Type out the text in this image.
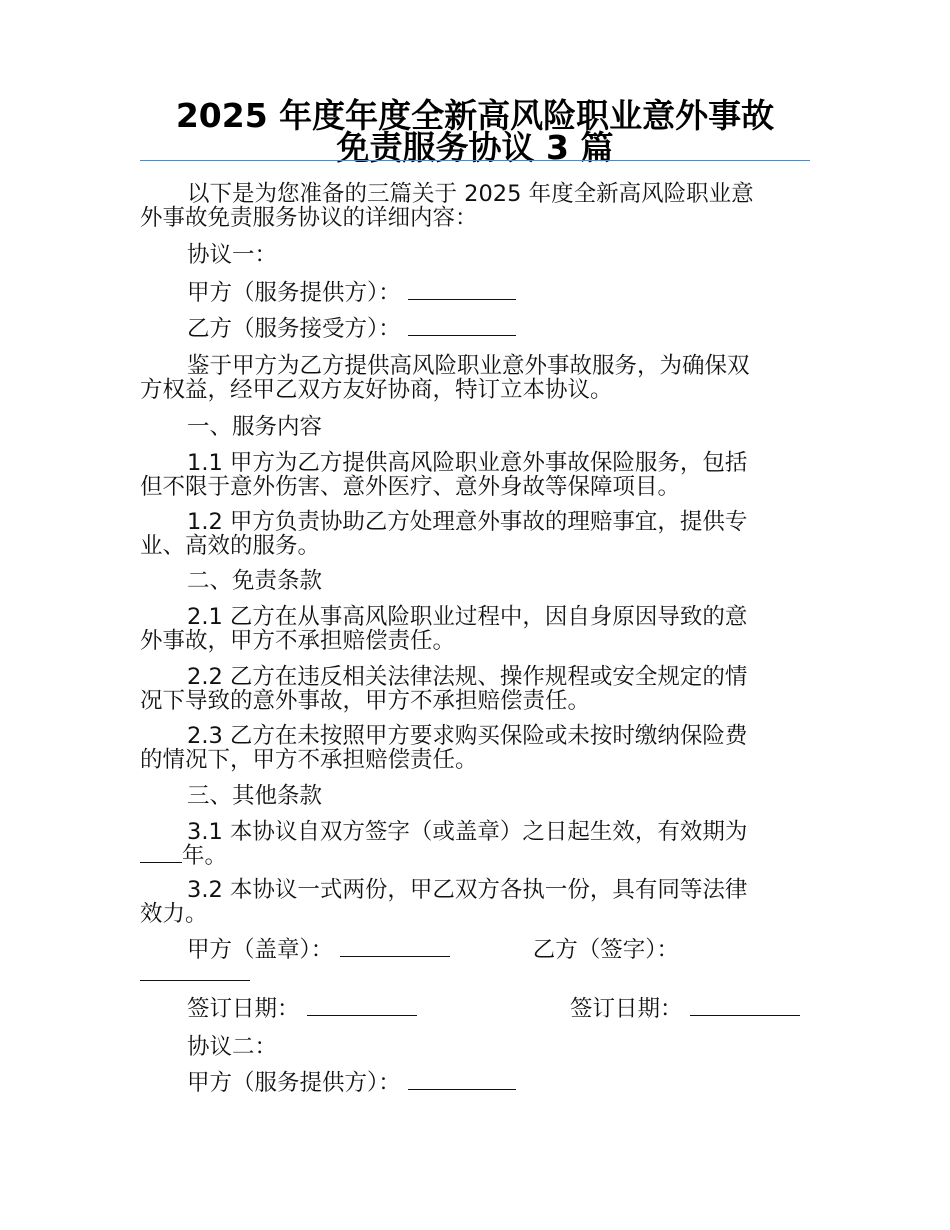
2025 年度年度全新高风险职业意外事故
免责服务协议 3 篇
以下是为您准备的三篇关于 2025 年度全新高风险职业意
外事故免责服务协议的详细内容：
协议一：
甲方（服务提供方）：
乙方（服务接受方）：
鉴于甲方为乙方提供高风险职业意外事故服务，为确保双
方权益，经甲乙双方友好协商，特订立本协议。
一、服务内容
1.1 甲方为乙方提供高风险职业意外事故保险服务，包括
但不限于意外伤害、意外医疗、意外身故等保障项目。
1.2 甲方负责协助乙方处理意外事故的理赔事宜，提供专
业、高效的服务。
二、免责条款
2.1 乙方在从事高风险职业过程中，因自身原因导致的意
外事故，甲方不承担赔偿责任。
2.2 乙方在违反相关法律法规、操作规程或安全规定的情
况下导致的意外事故，甲方不承担赔偿责任。
2.3 乙方在未按照甲方要求购买保险或未按时缴纳保险费
的情况下，甲方不承担赔偿责任。
三、其他条款
3.1 本协议自双方签字（或盖章）之日起生效，有效期为
年。
3.2 本协议一式两份，甲乙双方各执一份，具有同等法律
效力。
甲方（盖章）：	乙方（签字）：
签订日期：	签订日期：
协议二：
甲方（服务提供方）：
